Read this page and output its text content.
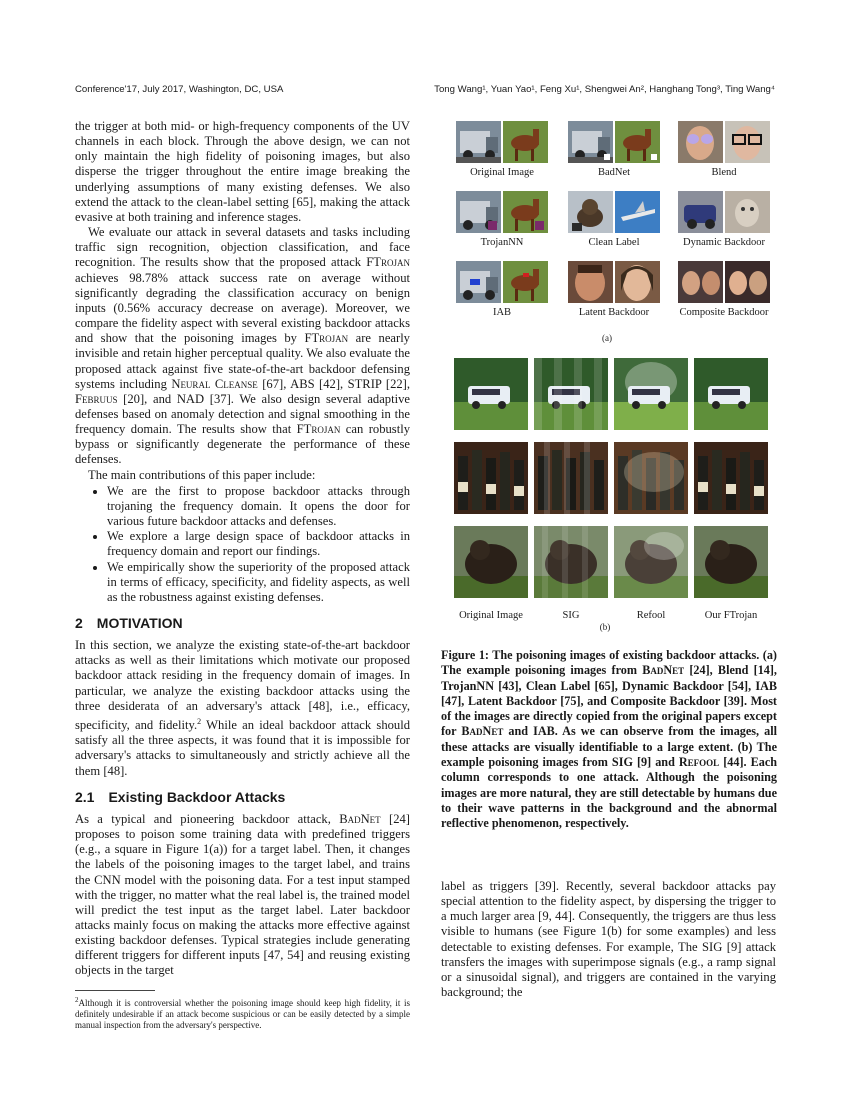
Conference'17, July 2017, Washington, DC, USA	Tong Wang¹, Yuan Yao¹, Feng Xu¹, Shengwei An², Hanghang Tong³, Ting Wang⁴

the trigger at both mid- or high-frequency components of the UV channels in each block. Through the above design, we can not only maintain the high fidelity of poisoning images, but also disperse the trigger throughout the entire image breaking the underlying assumptions of many existing defenses. We also extend the attack to the clean-label setting [65], making the attack evasive at both training and inference stages.

We evaluate our attack in several datasets and tasks including traffic sign recognition, objection classification, and face recognition. The results show that the proposed attack FTrojan achieves 98.78% attack success rate on average without significantly degrading the classification accuracy on benign inputs (0.56% accuracy decrease on average). Moreover, we compare the fidelity aspect with several existing backdoor attacks and show that the poisoning images by FTrojan are nearly invisible and retain higher perceptual quality. We also evaluate the proposed attack against five state-of-the-art backdoor defensing systems including Neural Cleanse [67], ABS [42], STRIP [22], Februus [20], and NAD [37]. We also design several adaptive defenses based on anomaly detection and signal smoothing in the frequency domain. The results show that FTrojan can robustly bypass or significantly degenerate the performance of these defenses.

The main contributions of this paper include:

• We are the first to propose backdoor attacks through trojaning the frequency domain. It opens the door for various future backdoor attacks and defenses.
• We explore a large design space of backdoor attacks in frequency domain and report our findings.
• We empirically show the superiority of the proposed attack in terms of efficacy, specificity, and fidelity aspects, as well as the robustness against existing defenses.
2 MOTIVATION

In this section, we analyze the existing state-of-the-art backdoor attacks as well as their limitations which motivate our proposed backdoor attack residing in the frequency domain of images. In particular, we analyze the existing backdoor attacks using the three desiderata of an adversary's attack [48], i.e., efficacy, specificity, and fidelity.$^2$ While an ideal backdoor attack should satisfy all the three aspects, it was found that it is impossible for adversary's attacks to simultaneously and strictly achieve all the them [48].

2.1 Existing Backdoor Attacks

As a typical and pioneering backdoor attack, BadNet [24] proposes to poison some training data with predefined triggers (e.g., a square in Figure 1(a)) for a target label. Then, it changes the labels of the poisoning images to the target label, and trains the CNN model with the poisoning data. For a test input stamped with the trigger, no matter what the real label is, the trained model will predict the test input as the target label. Later backdoor attacks mainly focus on making the attacks more effective against existing backdoor defenses. Typical strategies include generating different triggers for different inputs [47, 54] and reusing existing objects in the target

$^2$Although it is controversial whether the poisoning image should keep high fidelity, it is definitely undesirable if an attack become suspicious or can be easily detected by a simple manual inspection from the adversary's perspective.

Original Image	BadNet	Blend
TrojanNN	Clean Label	Dynamic Backdoor
IAB	Latent Backdoor	Composite Backdoor
(a)
Original Image	SIG	Refool	Our FTrojan
(b)
Figure 1: The poisoning images of existing backdoor attacks. (a) The example poisoning images from BadNet [24], Blend [14], TrojanNN [43], Clean Label [65], Dynamic Backdoor [54], IAB [47], Latent Backdoor [75], and Composite Backdoor [39]. Most of the images are directly copied from the original papers except for BadNet and IAB. As we can observe from the images, all these attacks are visually identifiable to a large extent. (b) The example poisoning images from SIG [9] and Refool [44]. Each column corresponds to one attack. Although the poisoning images are more natural, they are still detectable by humans due to their wave patterns in the background and the abnormal reflective phenomenon, respectively.

label as triggers [39]. Recently, several backdoor attacks pay special attention to the fidelity aspect, by dispersing the trigger to a much larger area [9, 44]. Consequently, the triggers are thus less visible to humans (see Figure 1(b) for some examples) and less detectable to existing defenses. For example, The SIG [9] attack transfers the images with superimpose signals (e.g., a ramp signal or a sinusoidal signal), and triggers are contained in the varying background; the
